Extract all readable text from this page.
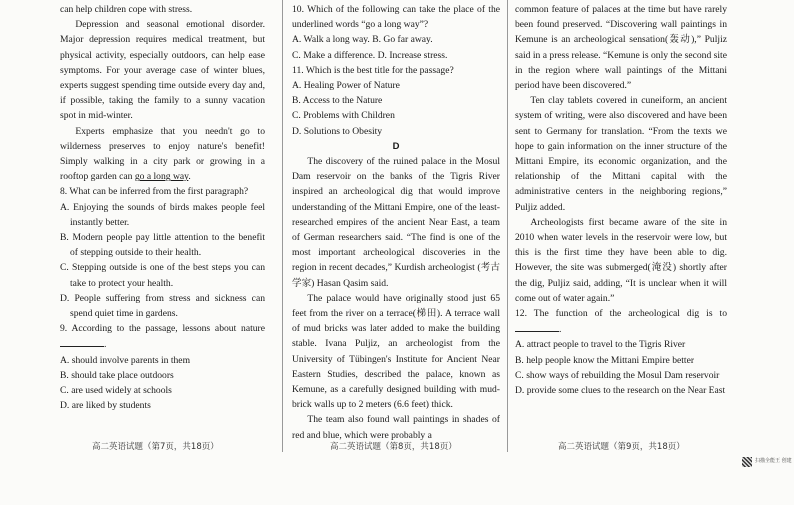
can help children cope with stress.

Depression and seasonal emotional disorder. Major depression requires medical treatment, but physical activity, especially outdoors, can help ease symptoms. For your average case of winter blues, experts suggest spending time outside every day and, if possible, taking the family to a sunny vacation spot in mid-winter.

Experts emphasize that you needn't go to wilderness preserves to enjoy nature's benefit! Simply walking in a city park or growing in a rooftop garden can go a long way.

8. What can be inferred from the first paragraph?

A. Enjoying the sounds of birds makes people feel instantly better.

B. Modern people pay little attention to the benefit of stepping outside to their health.

C. Stepping outside is one of the best steps you can take to protect your health.

D. People suffering from stress and sickness can spend quiet time in gardens.

9. According to the passage, lessons about nature .

A. should involve parents in them

B. should take place outdoors

C. are used widely at schools

D. are liked by students

10. Which of the following can take the place of the underlined words “go a long way”?

A. Walk a long way. B. Go far away.

C. Make a difference. D. Increase stress.

11. Which is the best title for the passage?

A. Healing Power of Nature

B. Access to the Nature

C. Problems with Children

D. Solutions to Obesity

D

The discovery of the ruined palace in the Mosul Dam reservoir on the banks of the Tigris River inspired an archeological dig that would improve understanding of the Mittani Empire, one of the least-researched empires of the ancient Near East, a team of German researchers said. “The find is one of the most important archeological discoveries in the region in recent decades,” Kurdish archeologist (考古学家) Hasan Qasim said.

The palace would have originally stood just 65 feet from the river on a terrace(梯田). A terrace wall of mud bricks was later added to make the building stable. Ivana Puljiz, an archeologist from the University of Tübingen's Institute for Ancient Near Eastern Studies, described the palace, known as Kemune, as a carefully designed building with mud-brick walls up to 2 meters (6.6 feet) thick.

The team also found wall paintings in shades of red and blue, which were probably a

common feature of palaces at the time but have rarely been found preserved. “Discovering wall paintings in Kemune is an archeological sensation(轰动),” Puljiz said in a press release. “Kemune is only the second site in the region where wall paintings of the Mittani period have been discovered.”

Ten clay tablets covered in cuneiform, an ancient system of writing, were also discovered and have been sent to Germany for translation. “From the texts we hope to gain information on the inner structure of the Mittani Empire, its economic organization, and the relationship of the Mittani capital with the administrative centers in the neighboring regions,” Puljiz added.

Archeologists first became aware of the site in 2010 when water levels in the reservoir were low, but this is the first time they have been able to dig. However, the site was submerged(淹没) shortly after the dig, Puljiz said, adding, “It is unclear when it will come out of water again.”

12. The function of the archeological dig is to .

A. attract people to travel to the Tigris River

B. help people know the Mittani Empire better

C. show ways of rebuilding the Mosul Dam reservoir

D. provide some clues to the research on the Near East

高二英语试题（第7页，共18页）	高二英语试题（第8页，共18页）	高二英语试题（第9页，共18页）
扫描全能王 创建
